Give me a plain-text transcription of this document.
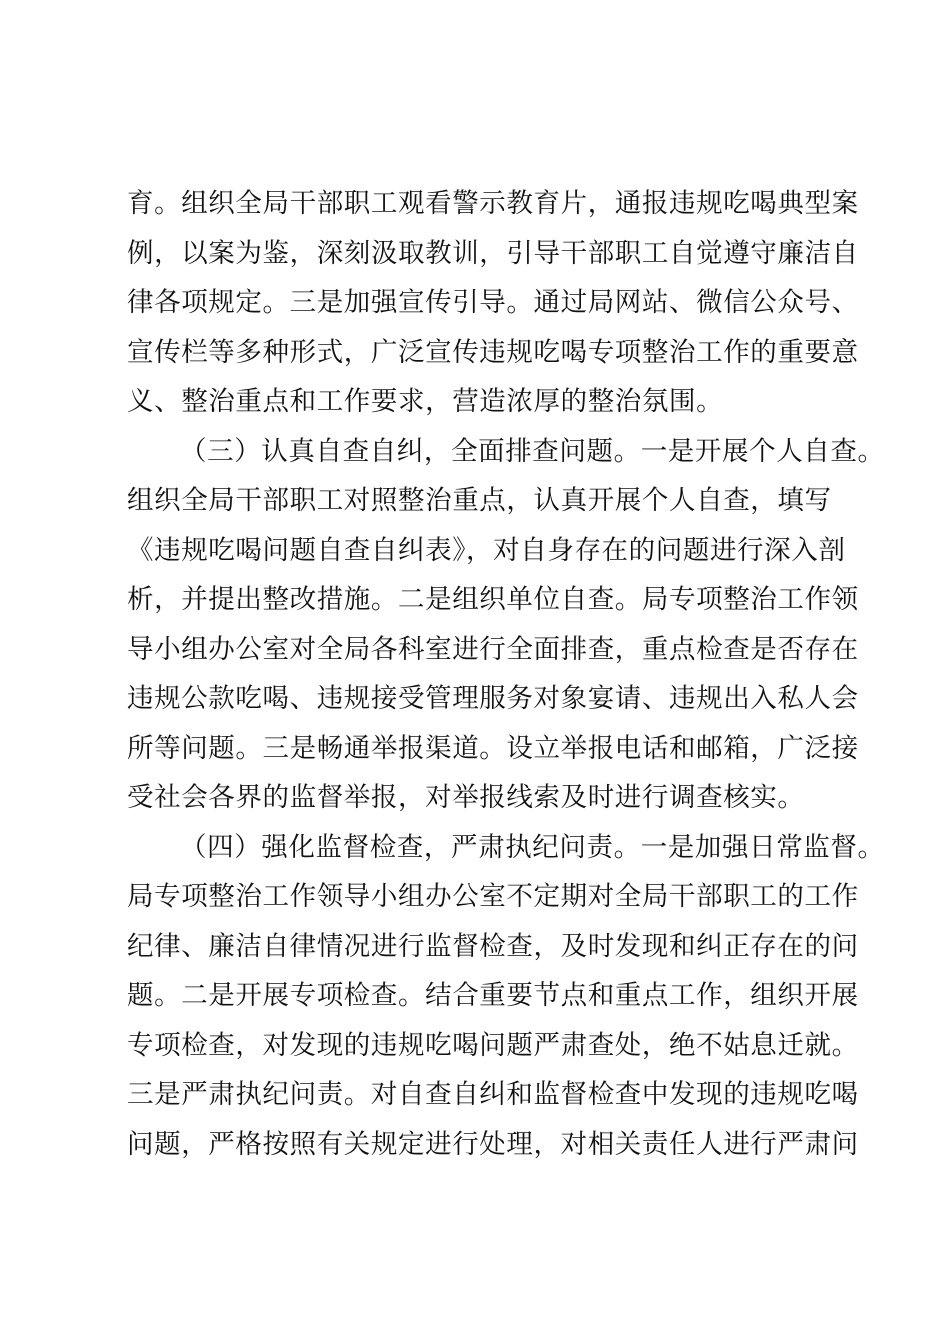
育。组织全局干部职工观看警示教育片，通报违规吃喝典型案
例，以案为鉴，深刻汲取教训，引导干部职工自觉遵守廉洁自
律各项规定。三是加强宣传引导。通过局网站、微信公众号、
宣传栏等多种形式，广泛宣传违规吃喝专项整治工作的重要意
义、整治重点和工作要求，营造浓厚的整治氛围。
（三）认真自查自纠，全面排查问题。一是开展个人自查。
组织全局干部职工对照整治重点，认真开展个人自查，填写
《违规吃喝问题自查自纠表》，对自身存在的问题进行深入剖
析，并提出整改措施。二是组织单位自查。局专项整治工作领
导小组办公室对全局各科室进行全面排查，重点检查是否存在
违规公款吃喝、违规接受管理服务对象宴请、违规出入私人会
所等问题。三是畅通举报渠道。设立举报电话和邮箱，广泛接
受社会各界的监督举报，对举报线索及时进行调查核实。
（四）强化监督检查，严肃执纪问责。一是加强日常监督。
局专项整治工作领导小组办公室不定期对全局干部职工的工作
纪律、廉洁自律情况进行监督检查，及时发现和纠正存在的问
题。二是开展专项检查。结合重要节点和重点工作，组织开展
专项检查，对发现的违规吃喝问题严肃查处，绝不姑息迁就。
三是严肃执纪问责。对自查自纠和监督检查中发现的违规吃喝
问题，严格按照有关规定进行处理，对相关责任人进行严肃问
